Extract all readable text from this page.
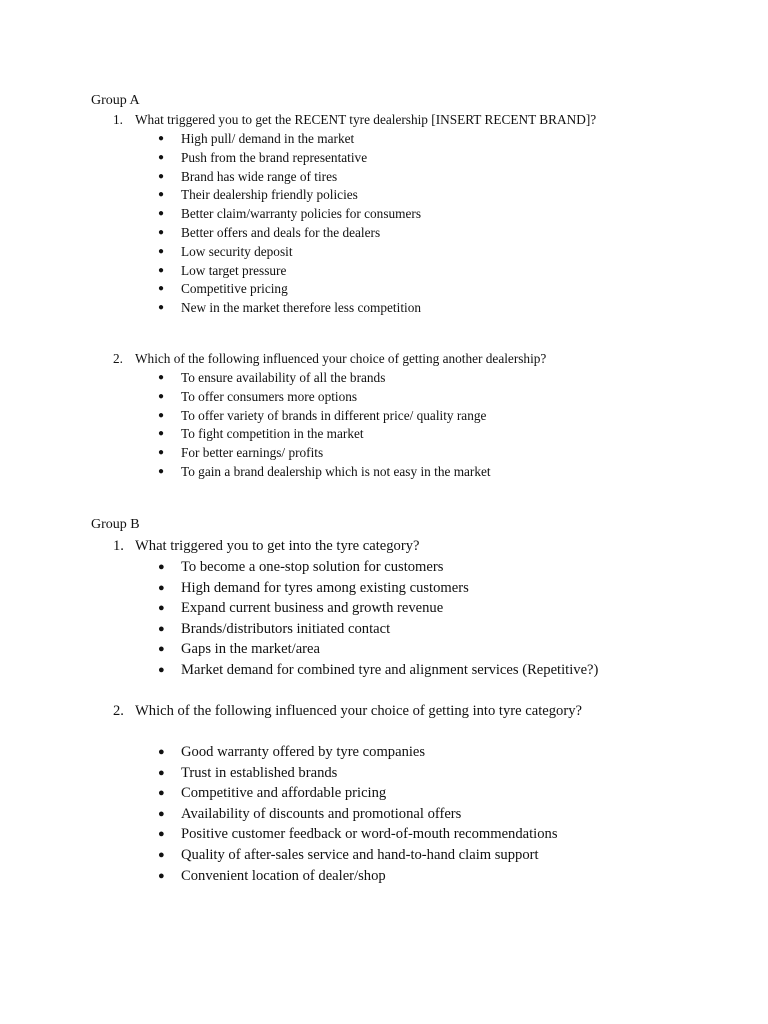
Group A

1. What triggered you to get the RECENT tyre dealership [INSERT RECENT BRAND]?

● High pull/ demand in the market
● Push from the brand representative
● Brand has wide range of tires
● Their dealership friendly policies
● Better claim/warranty policies for consumers
● Better offers and deals for the dealers
● Low security deposit
● Low target pressure
● Competitive pricing
● New in the market therefore less competition

2. Which of the following influenced your choice of getting another dealership?

● To ensure availability of all the brands
● To offer consumers more options
● To offer variety of brands in different price/ quality range
● To fight competition in the market
● For better earnings/ profits
● To gain a brand dealership which is not easy in the market
Group B

1. What triggered you to get into the tyre category?

● To become a one-stop solution for customers
● High demand for tyres among existing customers
● Expand current business and growth revenue
● Brands/distributors initiated contact
● Gaps in the market/area
● Market demand for combined tyre and alignment services (Repetitive?)

2. Which of the following influenced your choice of getting into tyre category?

● Good warranty offered by tyre companies
● Trust in established brands
● Competitive and affordable pricing
● Availability of discounts and promotional offers
● Positive customer feedback or word-of-mouth recommendations
● Quality of after-sales service and hand-to-hand claim support
● Convenient location of dealer/shop
